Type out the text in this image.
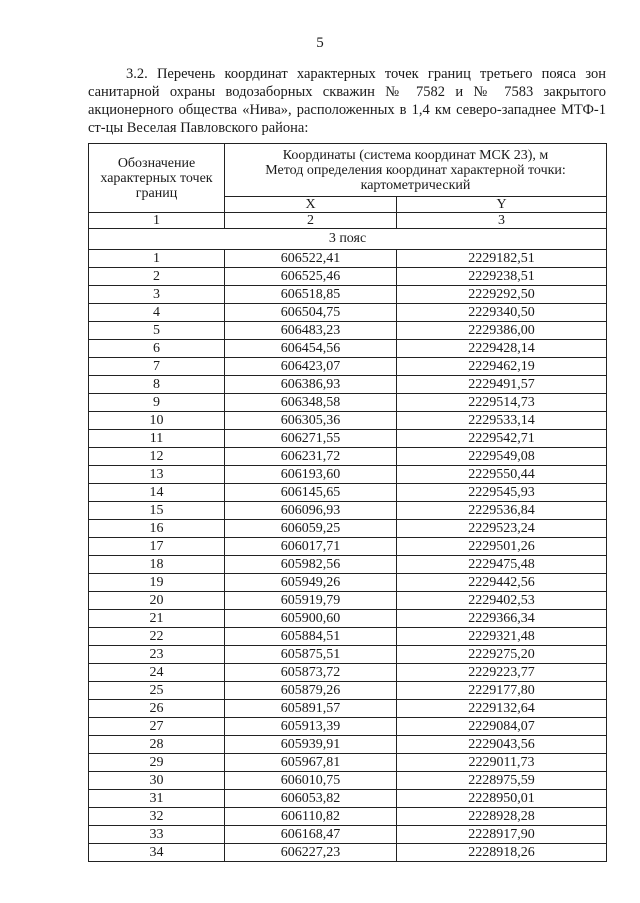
5

3.2. Перечень координат характерных точек границ третьего пояса зон санитарной охраны водозаборных скважин № 7582 и № 7583 закрытого акционерного общества «Нива», расположенных в 1,4 км северо-западнее МТФ-1 ст-цы Веселая Павловского района:

Обозначение характерных точек границ	Координаты (система координат МСК 23), м
Метод определения координат характерной точки: картометрический	
	X	Y
1	2	3
3 пояс		
1	606522,41	2229182,51
2	606525,46	2229238,51
3	606518,85	2229292,50
4	606504,75	2229340,50
5	606483,23	2229386,00
6	606454,56	2229428,14
7	606423,07	2229462,19
8	606386,93	2229491,57
9	606348,58	2229514,73
10	606305,36	2229533,14
11	606271,55	2229542,71
12	606231,72	2229549,08
13	606193,60	2229550,44
14	606145,65	2229545,93
15	606096,93	2229536,84
16	606059,25	2229523,24
17	606017,71	2229501,26
18	605982,56	2229475,48
19	605949,26	2229442,56
20	605919,79	2229402,53
21	605900,60	2229366,34
22	605884,51	2229321,48
23	605875,51	2229275,20
24	605873,72	2229223,77
25	605879,26	2229177,80
26	605891,57	2229132,64
27	605913,39	2229084,07
28	605939,91	2229043,56
29	605967,81	2229011,73
30	606010,75	2228975,59
31	606053,82	2228950,01
32	606110,82	2228928,28
33	606168,47	2228917,90
34	606227,23	2228918,26
